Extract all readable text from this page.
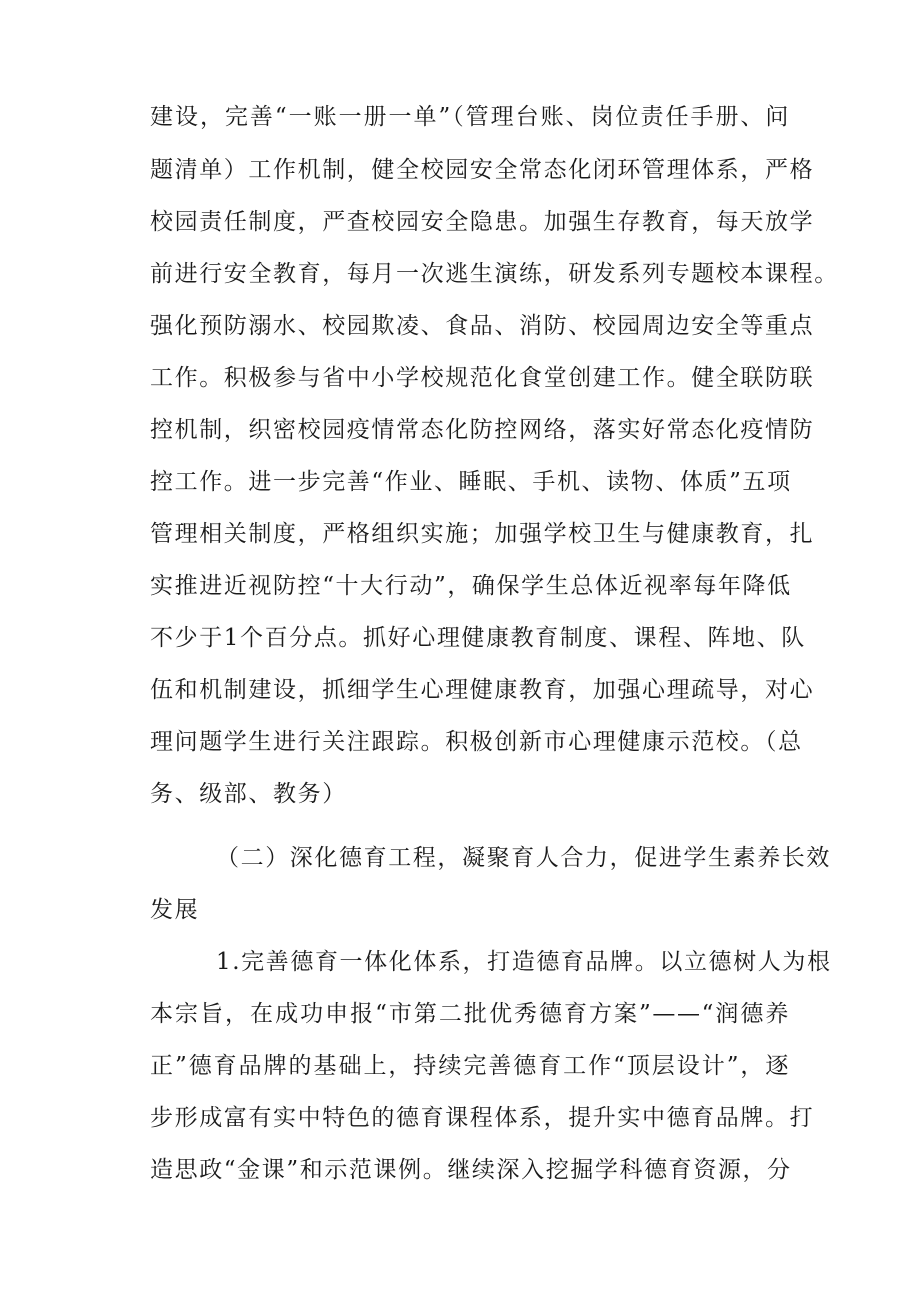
建设，完善“一账一册一单”（管理台账、岗位责任手册、问
题清单）工作机制，健全校园安全常态化闭环管理体系，严格
校园责任制度，严查校园安全隐患。加强生存教育，每天放学
前进行安全教育，每月一次逃生演练，研发系列专题校本课程。
强化预防溺水、校园欺凌、食品、消防、校园周边安全等重点
工作。积极参与省中小学校规范化食堂创建工作。健全联防联
控机制，织密校园疫情常态化防控网络，落实好常态化疫情防
控工作。进一步完善“作业、睡眠、手机、读物、体质”五项
管理相关制度，严格组织实施；加强学校卫生与健康教育，扎
实推进近视防控“十大行动”，确保学生总体近视率每年降低
不少于1个百分点。抓好心理健康教育制度、课程、阵地、队
伍和机制建设，抓细学生心理健康教育，加强心理疏导，对心
理问题学生进行关注跟踪。积极创新市心理健康示范校。（总
务、级部、教务）
（二）深化德育工程，凝聚育人合力，促进学生素养长效
发展
1.完善德育一体化体系，打造德育品牌。以立德树人为根
本宗旨，在成功申报“市第二批优秀德育方案”——“润德养
正”德育品牌的基础上，持续完善德育工作“顶层设计”，逐
步形成富有实中特色的德育课程体系，提升实中德育品牌。打
造思政“金课”和示范课例。继续深入挖掘学科德育资源，分
